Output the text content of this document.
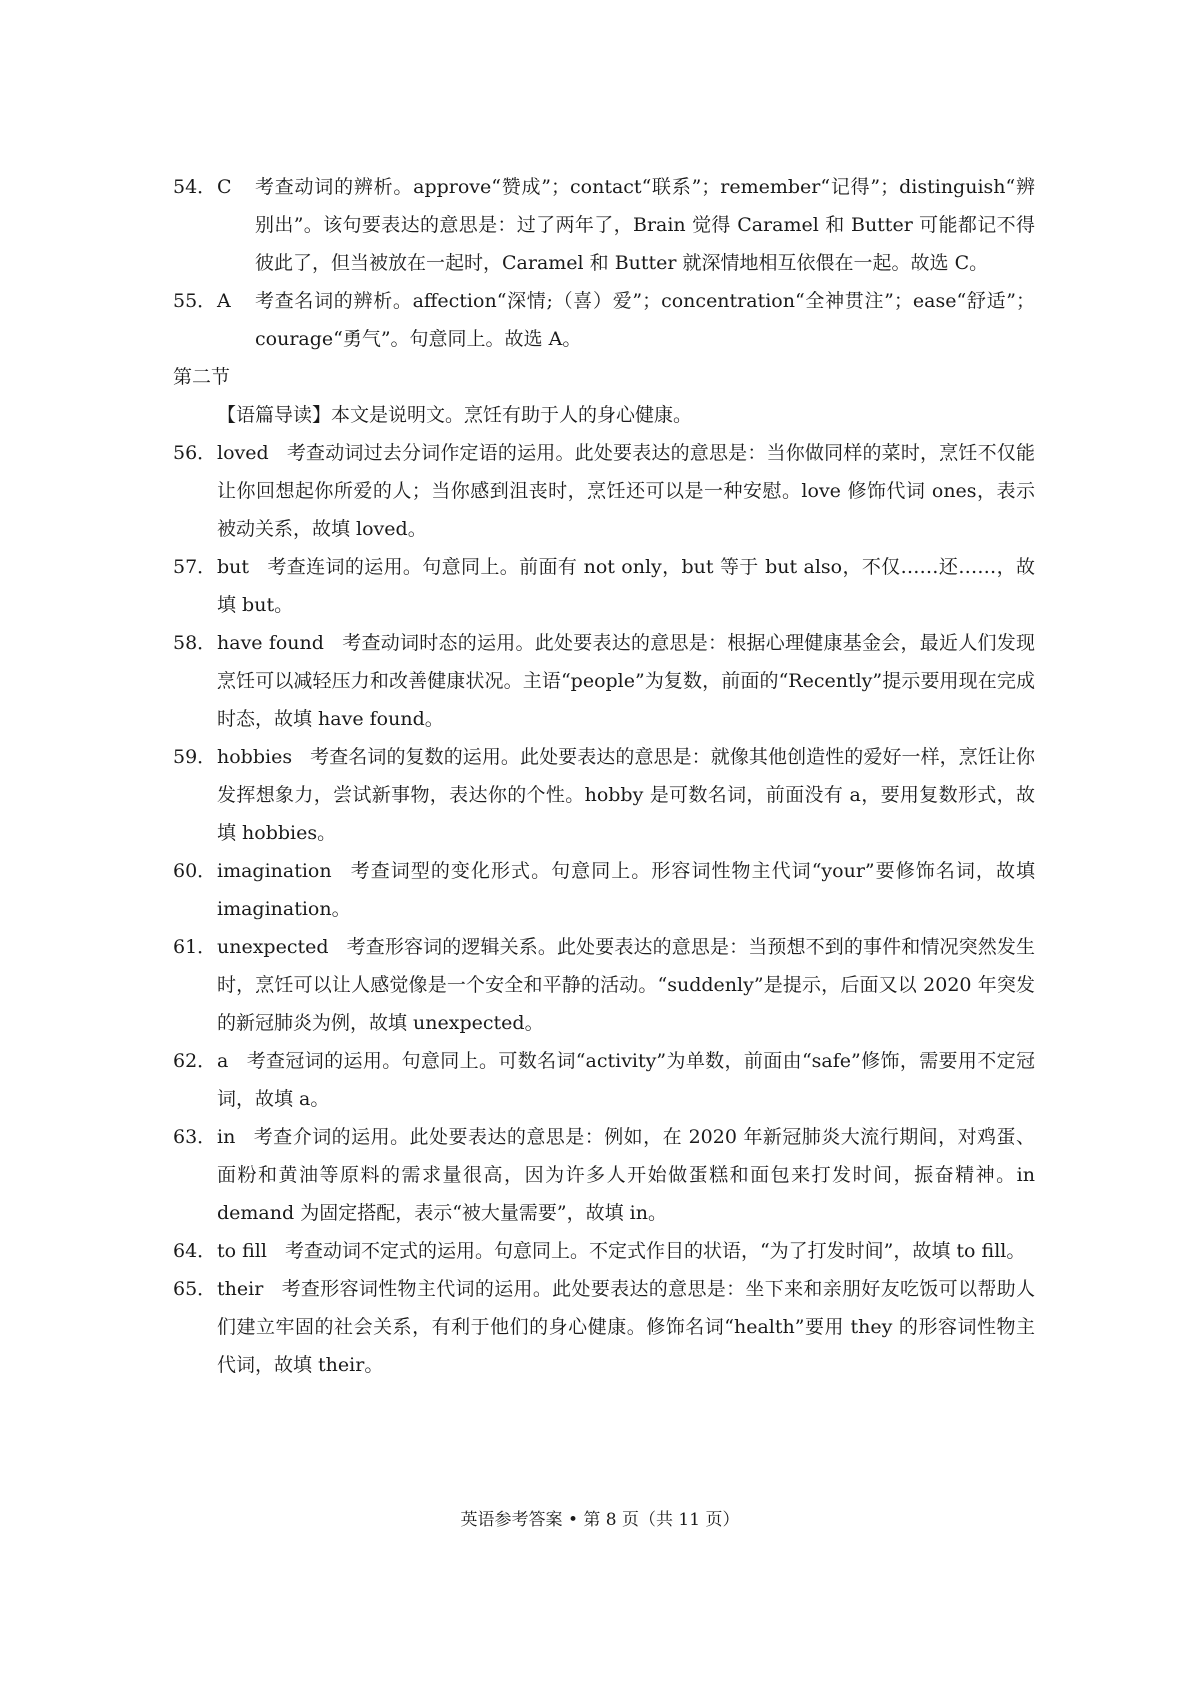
54． C 考查动词的辨析。approve“赞成”；contact“联系”；remember“记得”；distinguish“辨别出”。该句要表达的意思是：过了两年了，Brain 觉得 Caramel 和 Butter 可能都记不得彼此了，但当被放在一起时，Caramel 和 Butter 就深情地相互依偎在一起。故选 C。
55． A 考查名词的辨析。affection“深情;（喜）爱”；concentration“全神贯注”；ease“舒适”；courage“勇气”。句意同上。故选 A。
第二节
【语篇导读】本文是说明文。烹饪有助于人的身心健康。
56． loved 考查动词过去分词作定语的运用。此处要表达的意思是：当你做同样的菜时，烹饪不仅能让你回想起你所爱的人；当你感到沮丧时，烹饪还可以是一种安慰。love 修饰代词 ones，表示被动关系，故填 loved。
57． but 考查连词的运用。句意同上。前面有 not only，but 等于 but also，不仅……还……，故填 but。
58． have found 考查动词时态的运用。此处要表达的意思是：根据心理健康基金会，最近人们发现烹饪可以减轻压力和改善健康状况。主语“people”为复数，前面的“Recently”提示要用现在完成时态，故填 have found。
59． hobbies 考查名词的复数的运用。此处要表达的意思是：就像其他创造性的爱好一样，烹饪让你发挥想象力，尝试新事物，表达你的个性。hobby 是可数名词，前面没有 a，要用复数形式，故填 hobbies。
60． imagination 考查词型的变化形式。句意同上。形容词性物主代词“your”要修饰名词，故填 imagination。
61． unexpected 考查形容词的逻辑关系。此处要表达的意思是：当预想不到的事件和情况突然发生时，烹饪可以让人感觉像是一个安全和平静的活动。“suddenly”是提示，后面又以 2020 年突发的新冠肺炎为例，故填 unexpected。
62． a 考查冠词的运用。句意同上。可数名词“activity”为单数，前面由“safe”修饰，需要用不定冠词，故填 a。
63． in 考查介词的运用。此处要表达的意思是：例如，在 2020 年新冠肺炎大流行期间，对鸡蛋、面粉和黄油等原料的需求量很高，因为许多人开始做蛋糕和面包来打发时间，振奋精神。in demand 为固定搭配，表示“被大量需要”，故填 in。
64． to fill 考查动词不定式的运用。句意同上。不定式作目的状语，“为了打发时间”，故填 to fill。
65． their 考查形容词性物主代词的运用。此处要表达的意思是：坐下来和亲朋好友吃饭可以帮助人们建立牢固的社会关系，有利于他们的身心健康。修饰名词“health”要用 they 的形容词性物主代词，故填 their。
英语参考答案 • 第 8 页（共 11 页）
